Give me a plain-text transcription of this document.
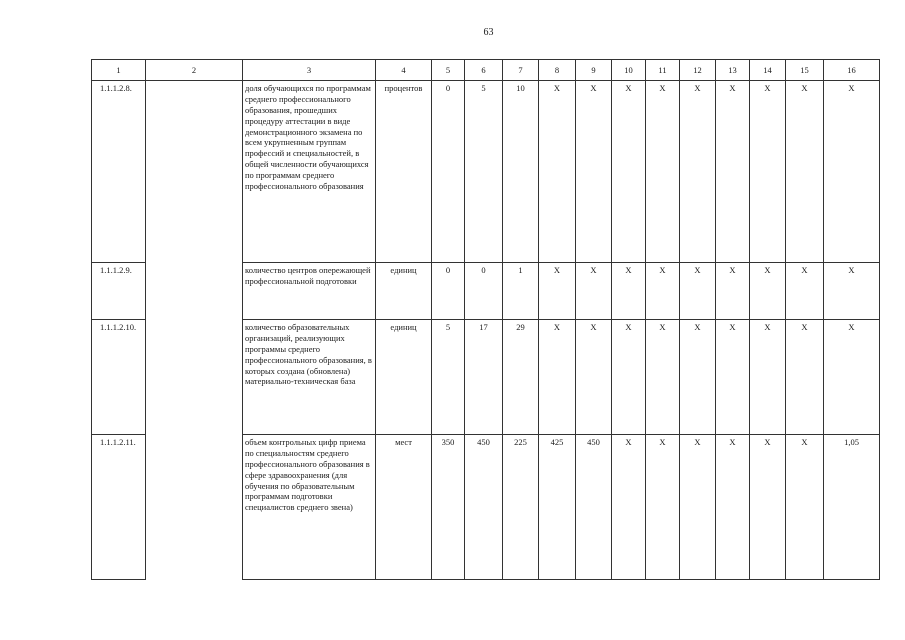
63
1	2	3	4	5	6	7	8	9	10	11	12	13	14	15	16
1.1.1.2.8.		доля обучающихся по программам среднего профессионального образования, прошедших процедуру аттестации в виде демонстрационного экзамена по всем укрупненным группам профессий и специальностей, в общей численности обучающихся по программам среднего профессионального образования	процентов	0	5	10	Х	Х	Х	Х	Х	Х	Х	Х	Х
1.1.1.2.9.		количество центров опережающей профессиональной подготовки	единиц	0	0	1	Х	Х	Х	Х	Х	Х	Х	Х	Х
1.1.1.2.10.		количество образовательных организаций, реализующих программы среднего профессионального образования, в которых создана (обновлена) материально-техническая база	единиц	5	17	29	Х	Х	Х	Х	Х	Х	Х	Х	Х
1.1.1.2.11.		объем контрольных цифр приема по специальностям среднего профессионального образования в сфере здравоохранения (для обучения по образовательным программам подготовки специалистов среднего звена)	мест	350	450	225	425	450	Х	Х	Х	Х	Х	Х	1,05
